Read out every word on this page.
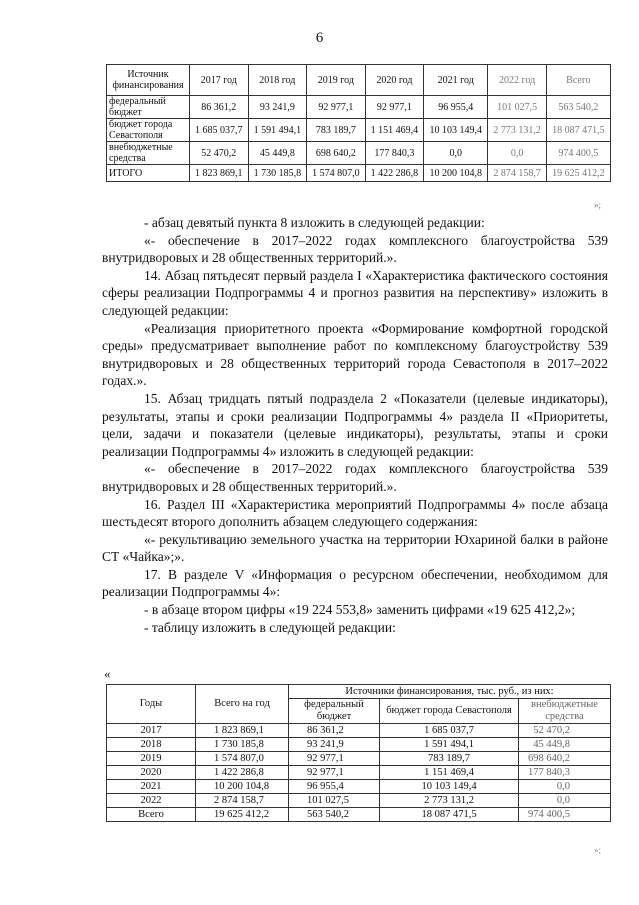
6
Источник финансирования	2017 год	2018 год	2019 год	2020 год	2021 год	2022 год	Всего
федеральный бюджет	86 361,2	93 241,9	92 977,1	92 977,1	96 955,4	101 027,5	563 540,2
бюджет города Севастополя	1 685 037,7	1 591 494,1	783 189,7	1 151 469,4	10 103 149,4	2 773 131,2	18 087 471,5
внебюджетные средства	52 470,2	45 449,8	698 640,2	177 840,3	0,0	0,0	974 400,5
ИТОГО	1 823 869,1	1 730 185,8	1 574 807,0	1 422 286,8	10 200 104,8	2 874 158,7	19 625 412,2
»;

- абзац девятый пункта 8 изложить в следующей редакции:

«- обеспечение в 2017–2022 годах комплексного благоустройства 539 внутридворовых и 28 общественных территорий.».

14. Абзац пятьдесят первый раздела I «Характеристика фактического состояния сферы реализации Подпрограммы 4 и прогноз развития на перспективу» изложить в следующей редакции:

«Реализация приоритетного проекта «Формирование комфортной городской среды» предусматривает выполнение работ по комплексному благоустройству 539 внутридворовых и 28 общественных территорий города Севастополя в 2017–2022 годах.».

15. Абзац тридцать пятый подраздела 2 «Показатели (целевые индикаторы), результаты, этапы и сроки реализации Подпрограммы 4» раздела II «Приоритеты, цели, задачи и показатели (целевые индикаторы), результаты, этапы и сроки реализации Подпрограммы 4» изложить в следующей редакции:

«- обеспечение в 2017–2022 годах комплексного благоустройства 539 внутридворовых и 28 общественных территорий.».

16. Раздел III «Характеристика мероприятий Подпрограммы 4» после абзаца шестьдесят второго дополнить абзацем следующего содержания:

«- рекультивацию земельного участка на территории Юхариной балки в районе СТ «Чайка»;».

17. В разделе V «Информация о ресурсном обеспечении, необходимом для реализации Подпрограммы 4»:

- в абзаце втором цифры «19 224 553,8» заменить цифрами «19 625 412,2»;

- таблицу изложить в следующей редакции:

«
Годы	Всего на год	Источники финансирования, тыс. руб., из них:		
		федеральный бюджет	бюджет города Севастополя	внебюджетные средства
2017	1 823 869,1	86 361,2	1 685 037,7	52 470,2
2018	1 730 185,8	93 241,9	1 591 494,1	45 449,8
2019	1 574 807,0	92 977,1	783 189,7	698 640,2
2020	1 422 286,8	92 977,1	1 151 469,4	177 840,3
2021	10 200 104,8	96 955,4	10 103 149,4	0,0
2022	2 874 158,7	101 027,5	2 773 131,2	0,0
Всего	19 625 412,2	563 540,2	18 087 471,5	974 400,5
»;
